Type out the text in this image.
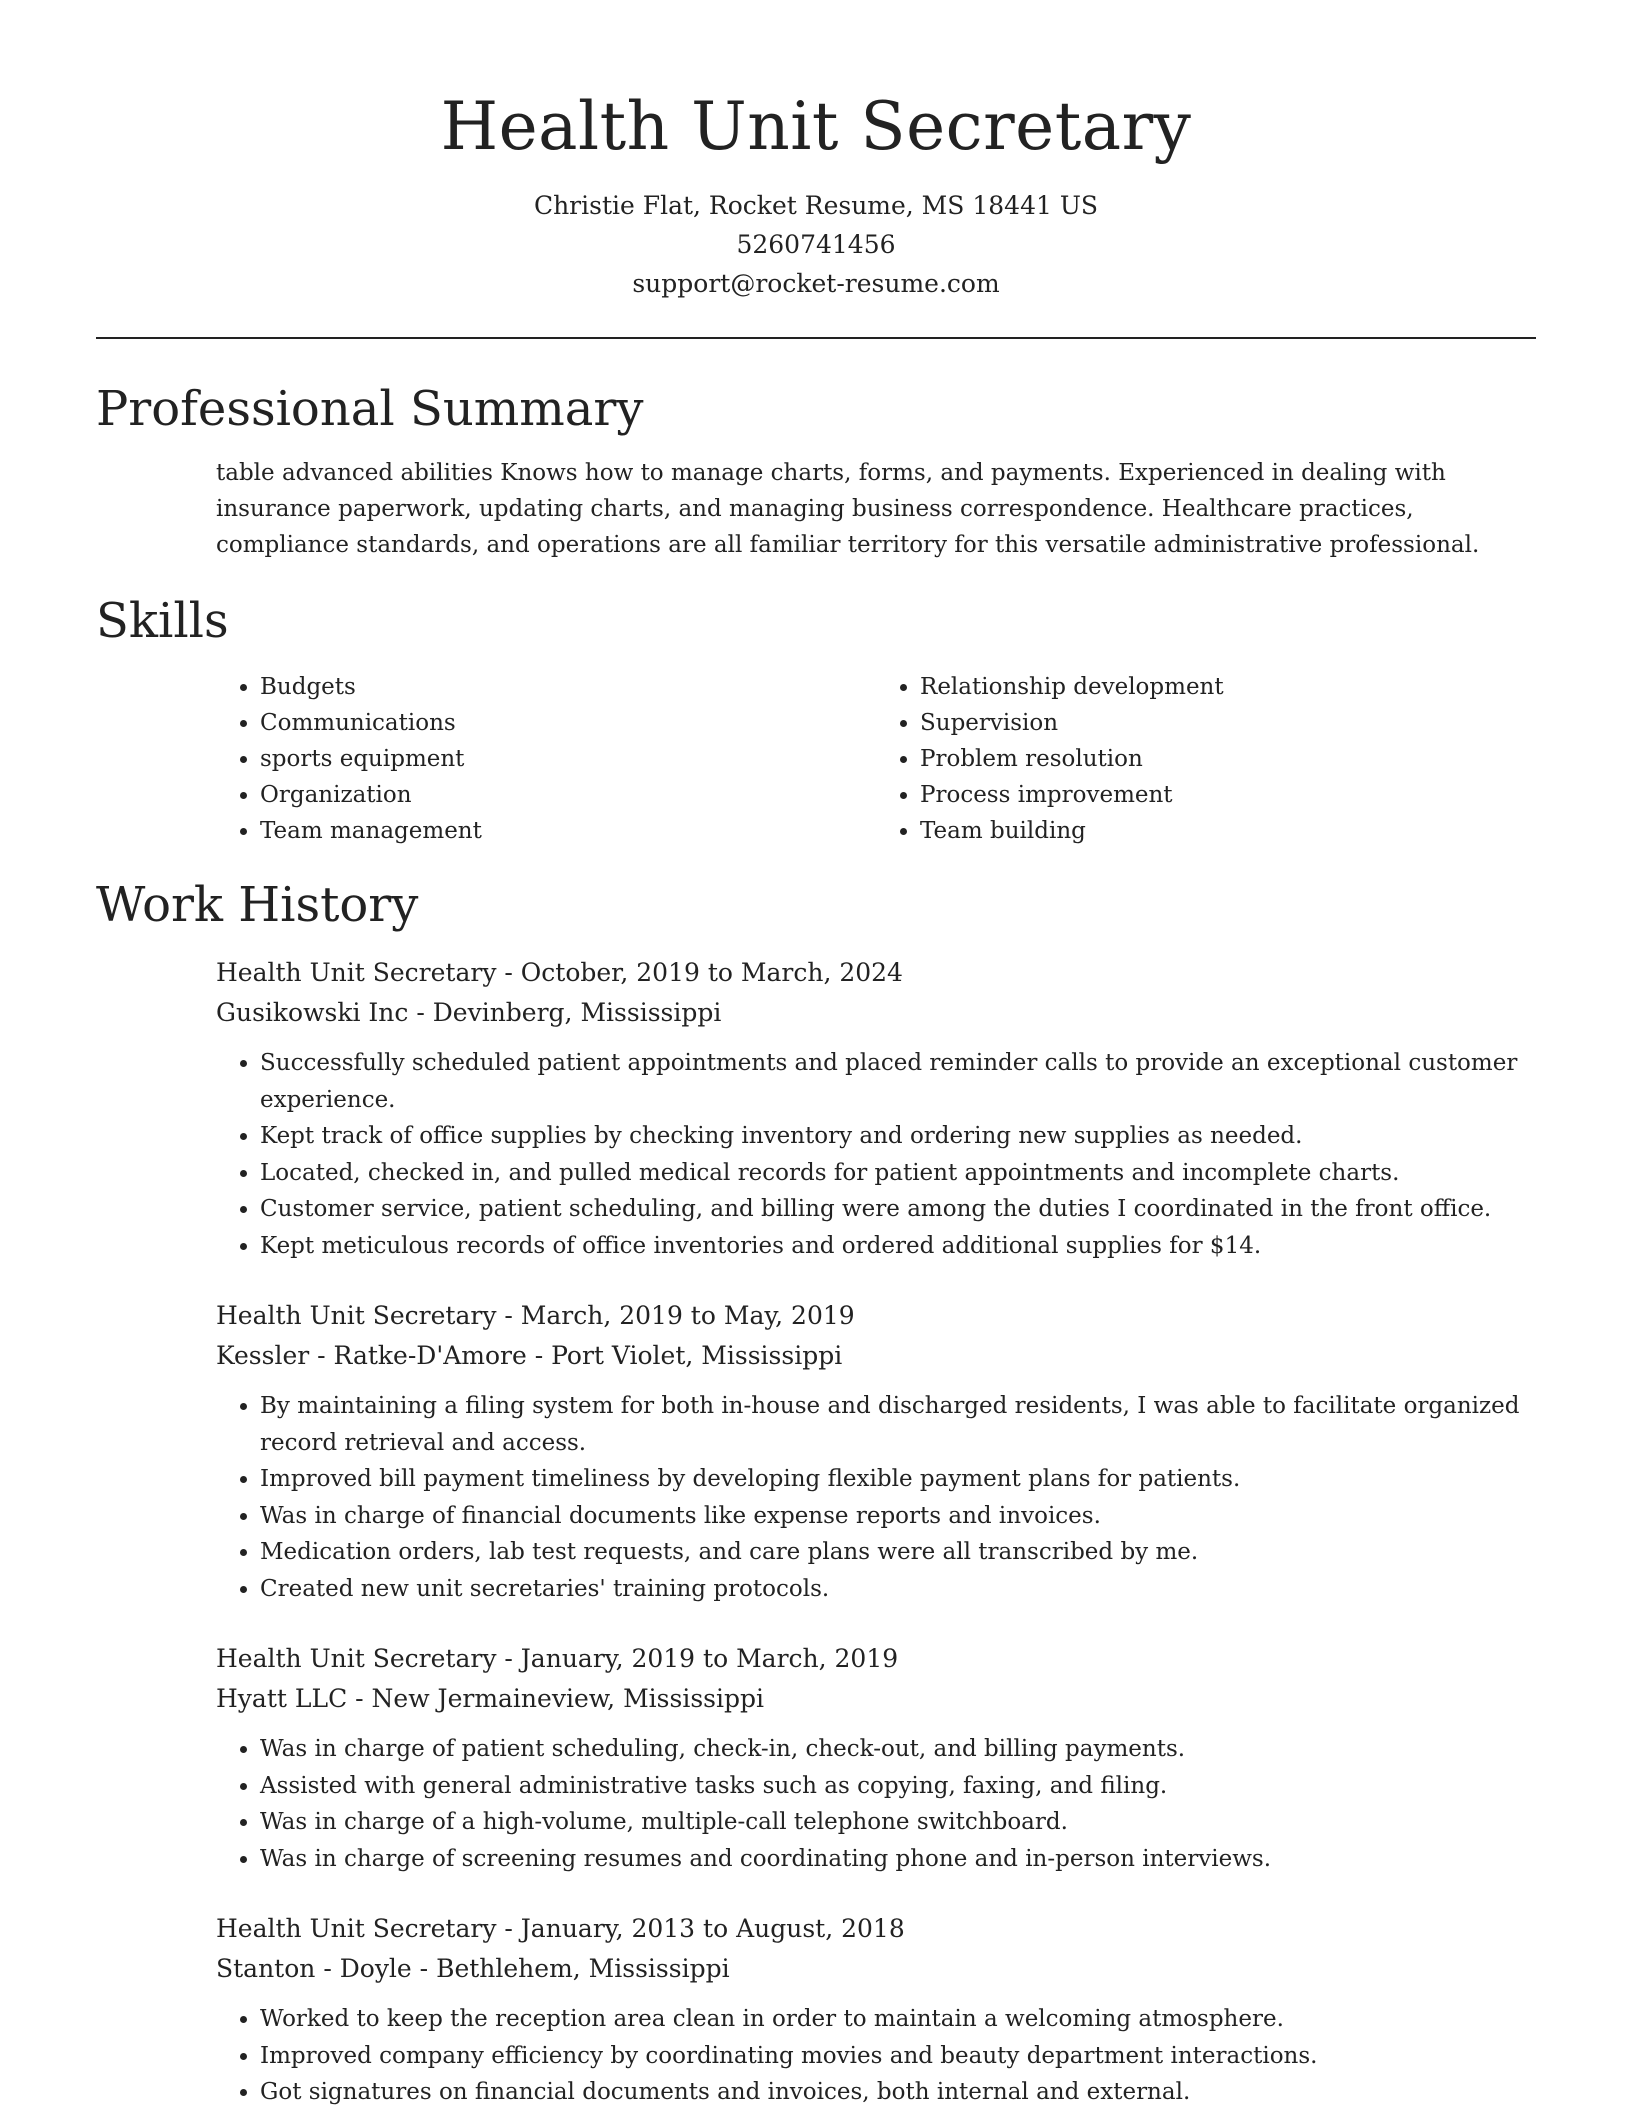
Health Unit Secretary
Christie Flat, Rocket Resume, MS 18441 US
5260741456
support@rocket-resume.com
Professional Summary

table advanced abilities Knows how to manage charts, forms, and payments. Experienced in dealing with insurance paperwork, updating charts, and managing business correspondence. Healthcare practices, compliance standards, and operations are all familiar territory for this versatile administrative professional.

Skills
• Budgets
• Communications
• sports equipment
• Organization
• Team management
• Relationship development
• Supervision
• Problem resolution
• Process improvement
• Team building
Work History
Health Unit Secretary - October, 2019 to March, 2024
Gusikowski Inc - Devinberg, Mississippi
• Successfully scheduled patient appointments and placed reminder calls to provide an exceptional customer experience.
• Kept track of office supplies by checking inventory and ordering new supplies as needed.
• Located, checked in, and pulled medical records for patient appointments and incomplete charts.
• Customer service, patient scheduling, and billing were among the duties I coordinated in the front office.
• Kept meticulous records of office inventories and ordered additional supplies for $14.
Health Unit Secretary - March, 2019 to May, 2019
Kessler - Ratke-D'Amore - Port Violet, Mississippi
• By maintaining a filing system for both in-house and discharged residents, I was able to facilitate organized record retrieval and access.
• Improved bill payment timeliness by developing flexible payment plans for patients.
• Was in charge of financial documents like expense reports and invoices.
• Medication orders, lab test requests, and care plans were all transcribed by me.
• Created new unit secretaries' training protocols.
Health Unit Secretary - January, 2019 to March, 2019
Hyatt LLC - New Jermaineview, Mississippi
• Was in charge of patient scheduling, check-in, check-out, and billing payments.
• Assisted with general administrative tasks such as copying, faxing, and filing.
• Was in charge of a high-volume, multiple-call telephone switchboard.
• Was in charge of screening resumes and coordinating phone and in-person interviews.
Health Unit Secretary - January, 2013 to August, 2018
Stanton - Doyle - Bethlehem, Mississippi
• Worked to keep the reception area clean in order to maintain a welcoming atmosphere.
• Improved company efficiency by coordinating movies and beauty department interactions.
• Got signatures on financial documents and invoices, both internal and external.
